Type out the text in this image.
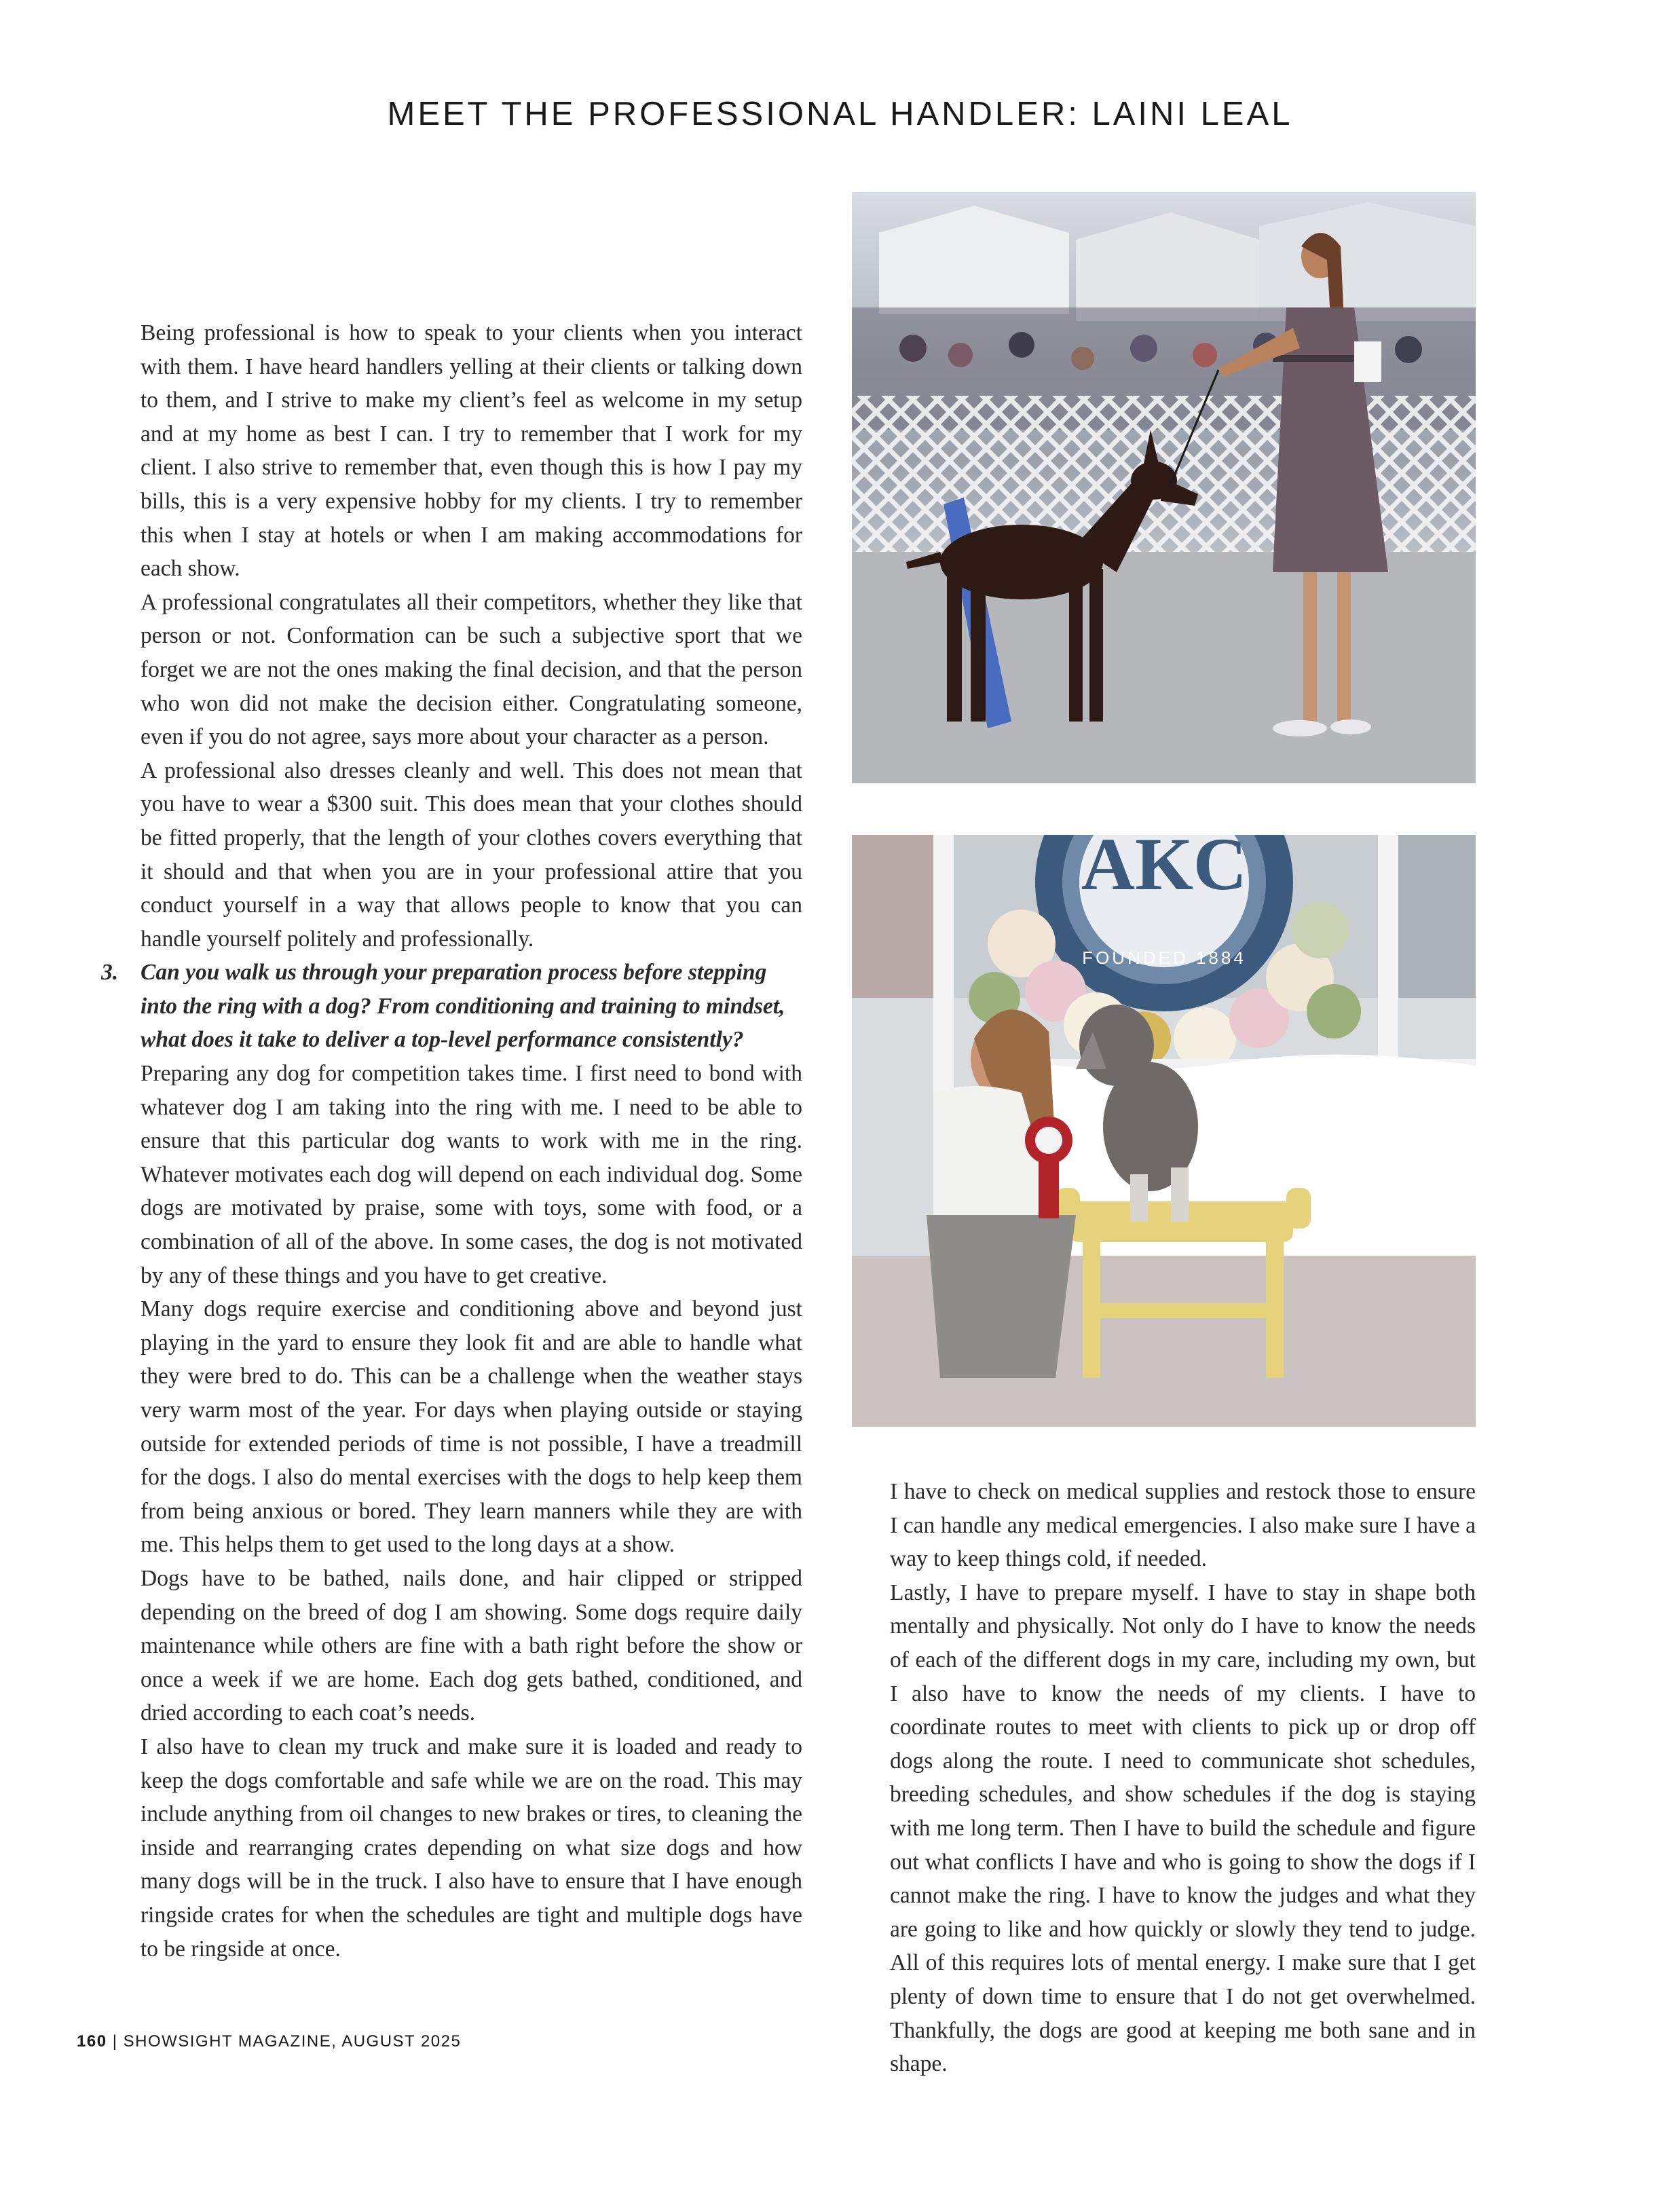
MEET THE PROFESSIONAL HANDLER: LAINI LEAL

Being professional is how to speak to your clients when you interact with them. I have heard handlers yelling at their clients or talking down to them, and I strive to make my client’s feel as welcome in my setup and at my home as best I can. I try to remember that I work for my client. I also strive to remember that, even though this is how I pay my bills, this is a very expensive hobby for my clients. I try to remember this when I stay at hotels or when I am making accommodations for each show.

A professional congratulates all their competitors, whether they like that person or not. Conformation can be such a subjective sport that we forget we are not the ones making the final decision, and that the person who won did not make the decision either. Congratulating someone, even if you do not agree, says more about your character as a person.

A professional also dresses cleanly and well. This does not mean that you have to wear a $300 suit. This does mean that your clothes should be fitted properly, that the length of your clothes covers everything that it should and that when you are in your professional attire that you conduct yourself in a way that allows people to know that you can handle yourself politely and professionally.

3. Can you walk us through your preparation process before stepping into the ring with a dog? From conditioning and training to mindset, what does it take to deliver a top-level performance consistently?

Preparing any dog for competition takes time. I first need to bond with whatever dog I am taking into the ring with me. I need to be able to ensure that this particular dog wants to work with me in the ring. Whatever motivates each dog will depend on each individual dog. Some dogs are motivated by praise, some with toys, some with food, or a combination of all of the above. In some cases, the dog is not motivated by any of these things and you have to get creative.

Many dogs require exercise and conditioning above and beyond just playing in the yard to ensure they look fit and are able to handle what they were bred to do. This can be a challenge when the weather stays very warm most of the year. For days when playing outside or staying outside for extended periods of time is not possible, I have a treadmill for the dogs. I also do mental exercises with the dogs to help keep them from being anxious or bored. They learn manners while they are with me. This helps them to get used to the long days at a show.

Dogs have to be bathed, nails done, and hair clipped or stripped depending on the breed of dog I am showing. Some dogs require daily maintenance while others are fine with a bath right before the show or once a week if we are home. Each dog gets bathed, conditioned, and dried according to each coat’s needs.

I also have to clean my truck and make sure it is loaded and ready to keep the dogs comfortable and safe while we are on the road. This may include anything from oil changes to new brakes or tires, to cleaning the inside and rearranging crates depending on what size dogs and how many dogs will be in the truck. I also have to ensure that I have enough ringside crates for when the schedules are tight and multiple dogs have to be ringside at once.

AKC
FOUNDED 1884

I have to check on medical supplies and restock those to ensure I can handle any medical emergencies. I also make sure I have a way to keep things cold, if needed.

Lastly, I have to prepare myself. I have to stay in shape both mentally and physically. Not only do I have to know the needs of each of the different dogs in my care, including my own, but I also have to know the needs of my clients. I have to coordinate routes to meet with clients to pick up or drop off dogs along the route. I need to communicate shot schedules, breeding schedules, and show schedules if the dog is staying with me long term. Then I have to build the schedule and figure out what conflicts I have and who is going to show the dogs if I cannot make the ring. I have to know the judges and what they are going to like and how quickly or slowly they tend to judge. All of this requires lots of mental energy. I make sure that I get plenty of down time to ensure that I do not get overwhelmed. Thankfully, the dogs are good at keeping me both sane and in shape.

160 | SHOWSIGHT MAGAZINE, AUGUST 2025
